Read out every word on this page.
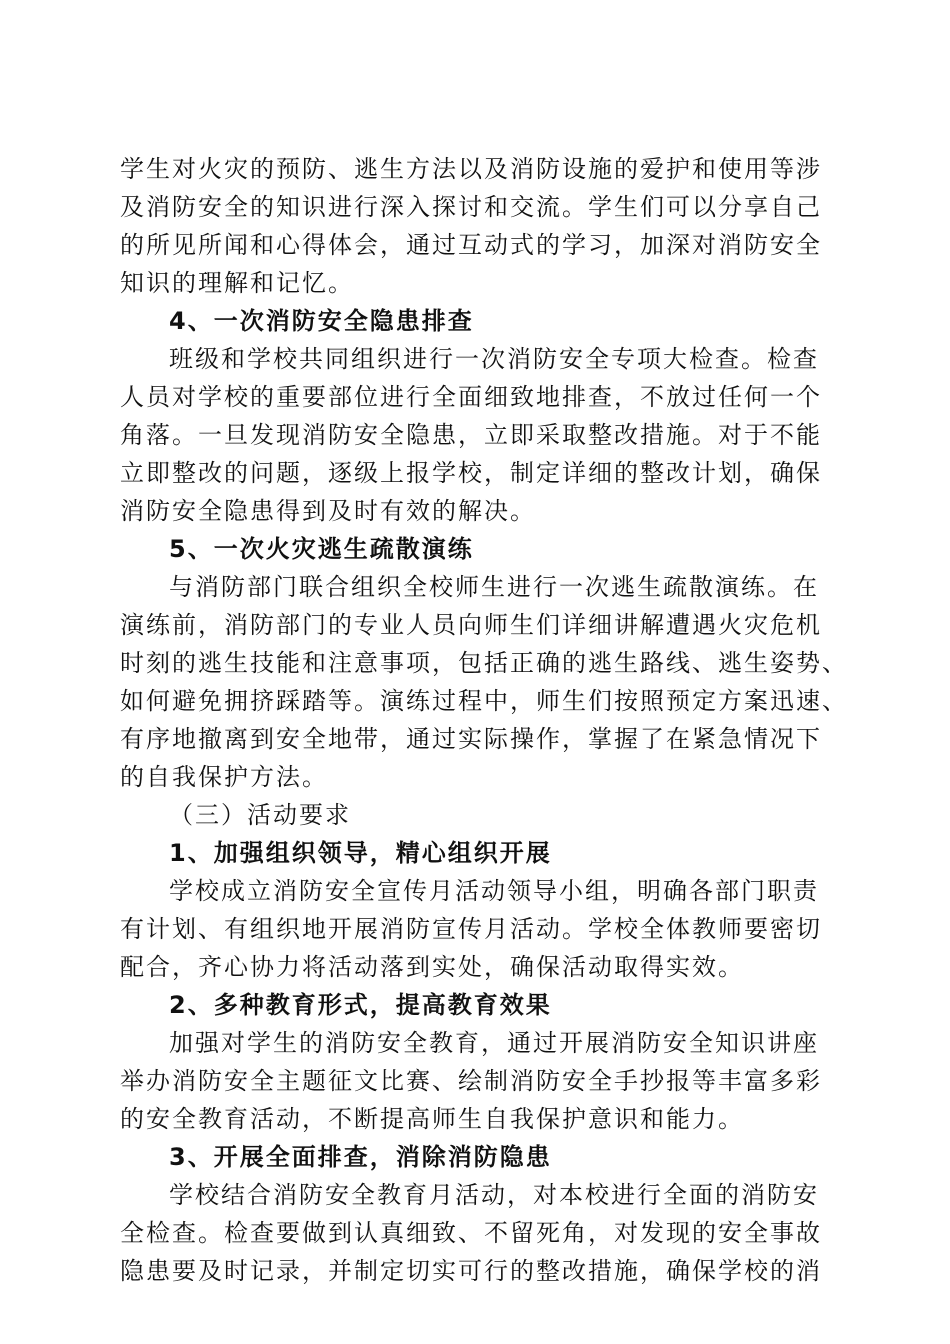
学生对火灾的预防、逃生方法以及消防设施的爱护和使用等涉
及消防安全的知识进行深入探讨和交流。学生们可以分享自己
的所见所闻和心得体会，通过互动式的学习，加深对消防安全
知识的理解和记忆。
4、一次消防安全隐患排查
班级和学校共同组织进行一次消防安全专项大检查。检查
人员对学校的重要部位进行全面细致地排查，不放过任何一个
角落。一旦发现消防安全隐患，立即采取整改措施。对于不能
立即整改的问题，逐级上报学校，制定详细的整改计划，确保
消防安全隐患得到及时有效的解决。
5、一次火灾逃生疏散演练
与消防部门联合组织全校师生进行一次逃生疏散演练。在
演练前，消防部门的专业人员向师生们详细讲解遭遇火灾危机
时刻的逃生技能和注意事项，包括正确的逃生路线、逃生姿势、
如何避免拥挤踩踏等。演练过程中，师生们按照预定方案迅速、
有序地撤离到安全地带，通过实际操作，掌握了在紧急情况下
的自我保护方法。
（三）活动要求
1、加强组织领导，精心组织开展
学校成立消防安全宣传月活动领导小组，明确各部门职责
有计划、有组织地开展消防宣传月活动。学校全体教师要密切
配合，齐心协力将活动落到实处，确保活动取得实效。
2、多种教育形式，提高教育效果
加强对学生的消防安全教育，通过开展消防安全知识讲座
举办消防安全主题征文比赛、绘制消防安全手抄报等丰富多彩
的安全教育活动，不断提高师生自我保护意识和能力。
3、开展全面排查，消除消防隐患
学校结合消防安全教育月活动，对本校进行全面的消防安
全检查。检查要做到认真细致、不留死角，对发现的安全事故
隐患要及时记录，并制定切实可行的整改措施，确保学校的消
